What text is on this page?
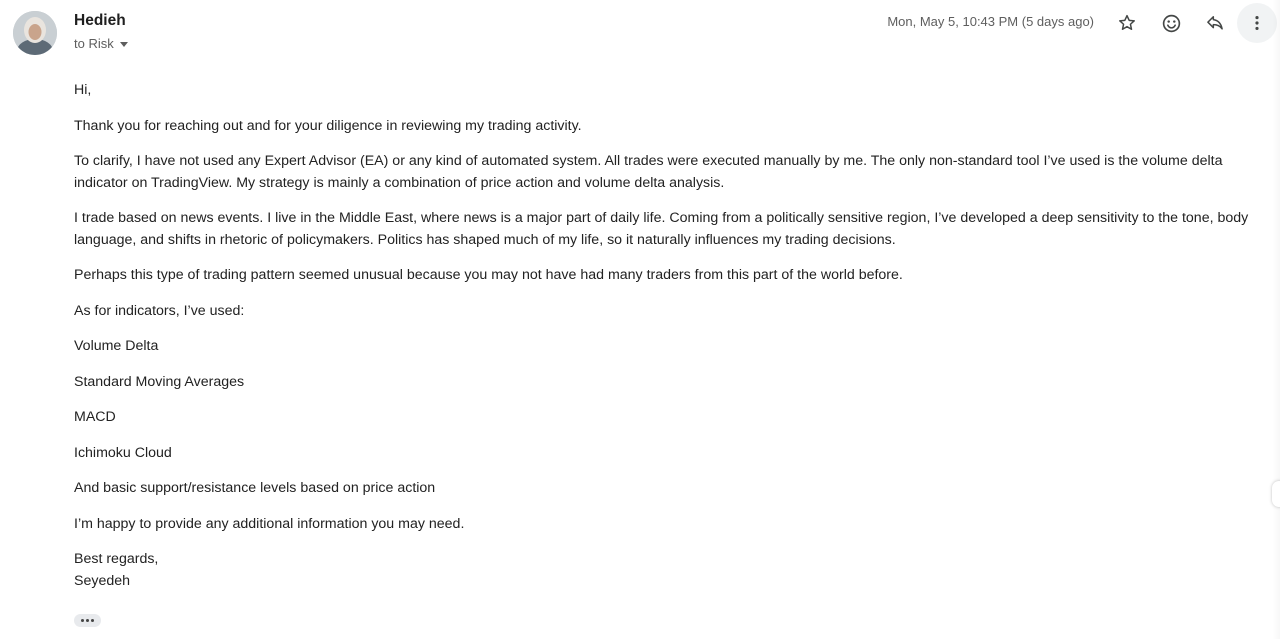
Hedieh
to Risk
Mon, May 5, 10:43 PM (5 days ago)

Hi,

Thank you for reaching out and for your diligence in reviewing my trading activity.

To clarify, I have not used any Expert Advisor (EA) or any kind of automated system. All trades were executed manually by me. The only non-standard tool I’ve used is the volume delta indicator on TradingView. My strategy is mainly a combination of price action and volume delta analysis.

I trade based on news events. I live in the Middle East, where news is a major part of daily life. Coming from a politically sensitive region, I’ve developed a deep sensitivity to the tone, body language, and shifts in rhetoric of policymakers. Politics has shaped much of my life, so it naturally influences my trading decisions.

Perhaps this type of trading pattern seemed unusual because you may not have had many traders from this part of the world before.

As for indicators, I’ve used:

Volume Delta

Standard Moving Averages

MACD

Ichimoku Cloud

And basic support/resistance levels based on price action

I’m happy to provide any additional information you may need.

Best regards,

Seyedeh
